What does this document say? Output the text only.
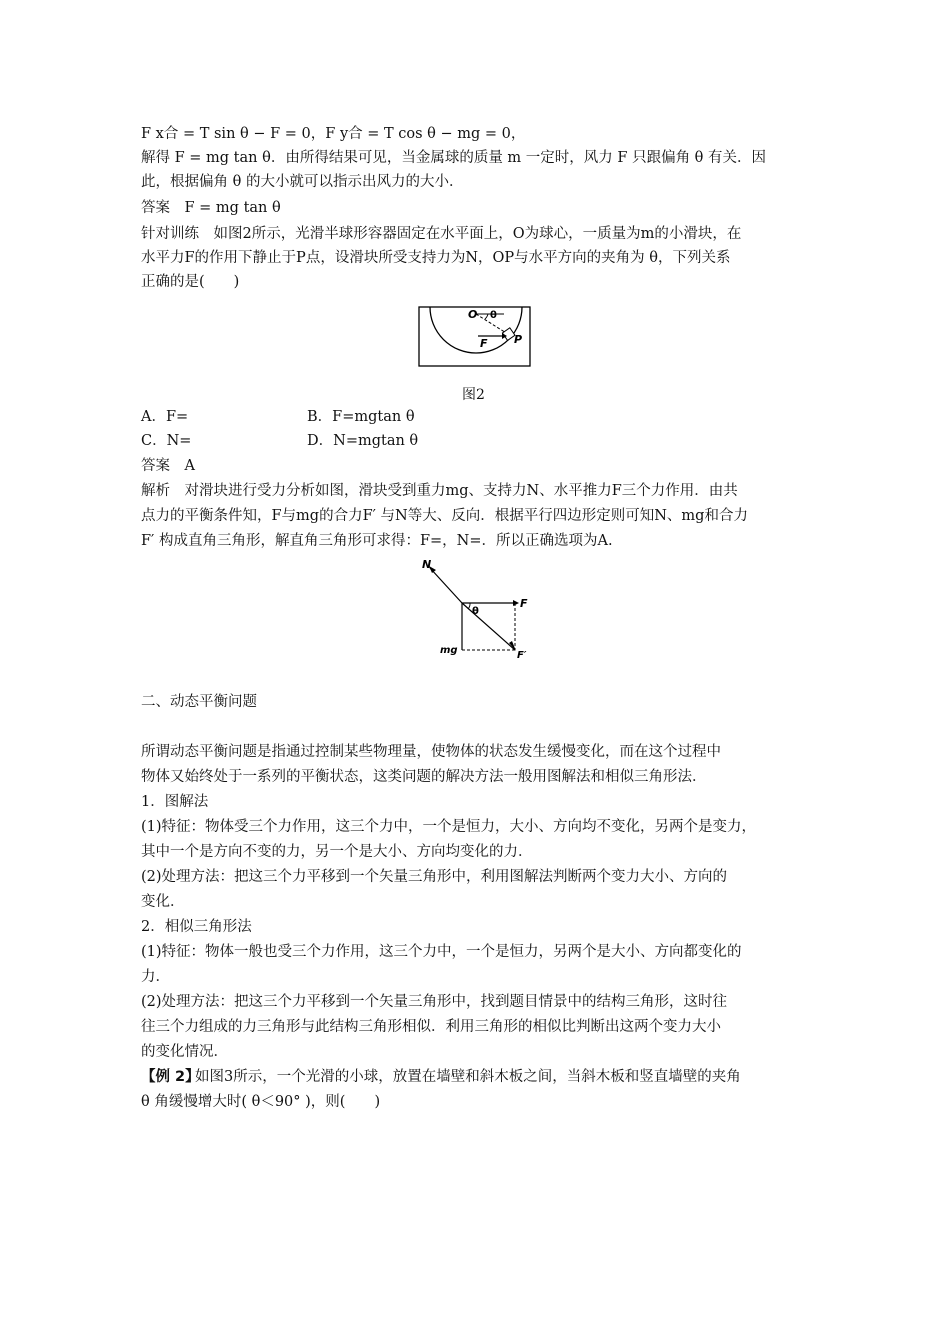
F x合 = T sin θ − F = 0，F y合 = T cos θ − mg = 0，
解得 F = mg tan θ．由所得结果可见，当金属球的质量 m 一定时，风力 F 只跟偏角 θ 有关．因
此，根据偏角 θ 的大小就可以指示出风力的大小．
答案　F = mg tan θ
针对训练　如图2所示，光滑半球形容器固定在水平面上，O为球心，一质量为m的小滑块，在
水平力F的作用下静止于P点，设滑块所受支持力为N，OP与水平方向的夹角为 θ，下列关系
正确的是(　　)
O θ
F P
图2
A．F=	B．F=mgtan θ
C．N=	D．N=mgtan θ
答案　A
解析　对滑块进行受力分析如图，滑块受到重力mg、支持力N、水平推力F三个力作用．由共
点力的平衡条件知，F与mg的合力F′ 与N等大、反向．根据平行四边形定则可知N、mg和合力
F′ 构成直角三角形，解直角三角形可求得：F=，N=．所以正确选项为A.
N
F
θ
mg	F′
二、动态平衡问题
所谓动态平衡问题是指通过控制某些物理量，使物体的状态发生缓慢变化，而在这个过程中
物体又始终处于一系列的平衡状态，这类问题的解决方法一般用图解法和相似三角形法．
1．图解法
(1)特征：物体受三个力作用，这三个力中，一个是恒力，大小、方向均不变化，另两个是变力，
其中一个是方向不变的力，另一个是大小、方向均变化的力．
(2)处理方法：把这三个力平移到一个矢量三角形中，利用图解法判断两个变力大小、方向的
变化．
2．相似三角形法
(1)特征：物体一般也受三个力作用，这三个力中，一个是恒力，另两个是大小、方向都变化的
力．
(2)处理方法：把这三个力平移到一个矢量三角形中，找到题目情景中的结构三角形，这时往
往三个力组成的力三角形与此结构三角形相似．利用三角形的相似比判断出这两个变力大小
的变化情况．
【例 2】
如图3所示，一个光滑的小球，放置在墙壁和斜木板之间，当斜木板和竖直墙壁的夹角
θ 角缓慢增大时( θ＜90° )，则(　　)
